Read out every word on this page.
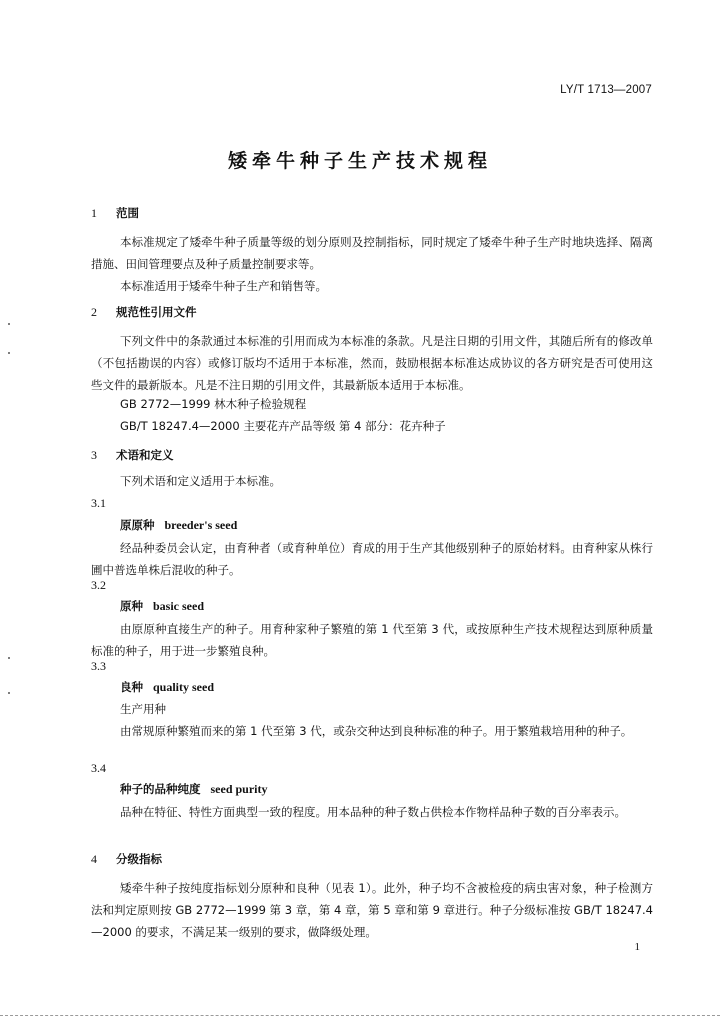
LY/T 1713—2007
矮牵牛种子生产技术规程
1 范围
本标准规定了矮牵牛种子质量等级的划分原则及控制指标，同时规定了矮牵牛种子生产时地块选择、隔离措施、田间管理要点及种子质量控制要求等。
本标准适用于矮牵牛种子生产和销售等。
2 规范性引用文件
下列文件中的条款通过本标准的引用而成为本标准的条款。凡是注日期的引用文件，其随后所有的修改单（不包括勘误的内容）或修订版均不适用于本标准，然而，鼓励根据本标准达成协议的各方研究是否可使用这些文件的最新版本。凡是不注日期的引用文件，其最新版本适用于本标准。
GB 2772—1999 林木种子检验规程
GB/T 18247.4—2000 主要花卉产品等级 第 4 部分：花卉种子
3 术语和定义
下列术语和定义适用于本标准。
3.1
原原种 breeder's seed
经品种委员会认定，由育种者（或育种单位）育成的用于生产其他级别种子的原始材料。由育种家从株行圃中普选单株后混收的种子。
3.2
原种 basic seed
由原原种直接生产的种子。用育种家种子繁殖的第 1 代至第 3 代，或按原种生产技术规程达到原种质量标准的种子，用于进一步繁殖良种。
3.3
良种 quality seed
生产用种
由常规原种繁殖而来的第 1 代至第 3 代，或杂交种达到良种标准的种子。用于繁殖栽培用种的种子。
3.4
种子的品种纯度 seed purity
品种在特征、特性方面典型一致的程度。用本品种的种子数占供检本作物样品种子数的百分率表示。
4 分级指标
矮牵牛种子按纯度指标划分原种和良种（见表 1）。此外，种子均不含被检疫的病虫害对象，种子检测方法和判定原则按 GB 2772—1999 第 3 章，第 4 章，第 5 章和第 9 章进行。种子分级标准按 GB/T 18247.4—2000 的要求，不满足某一级别的要求，做降级处理。
1
